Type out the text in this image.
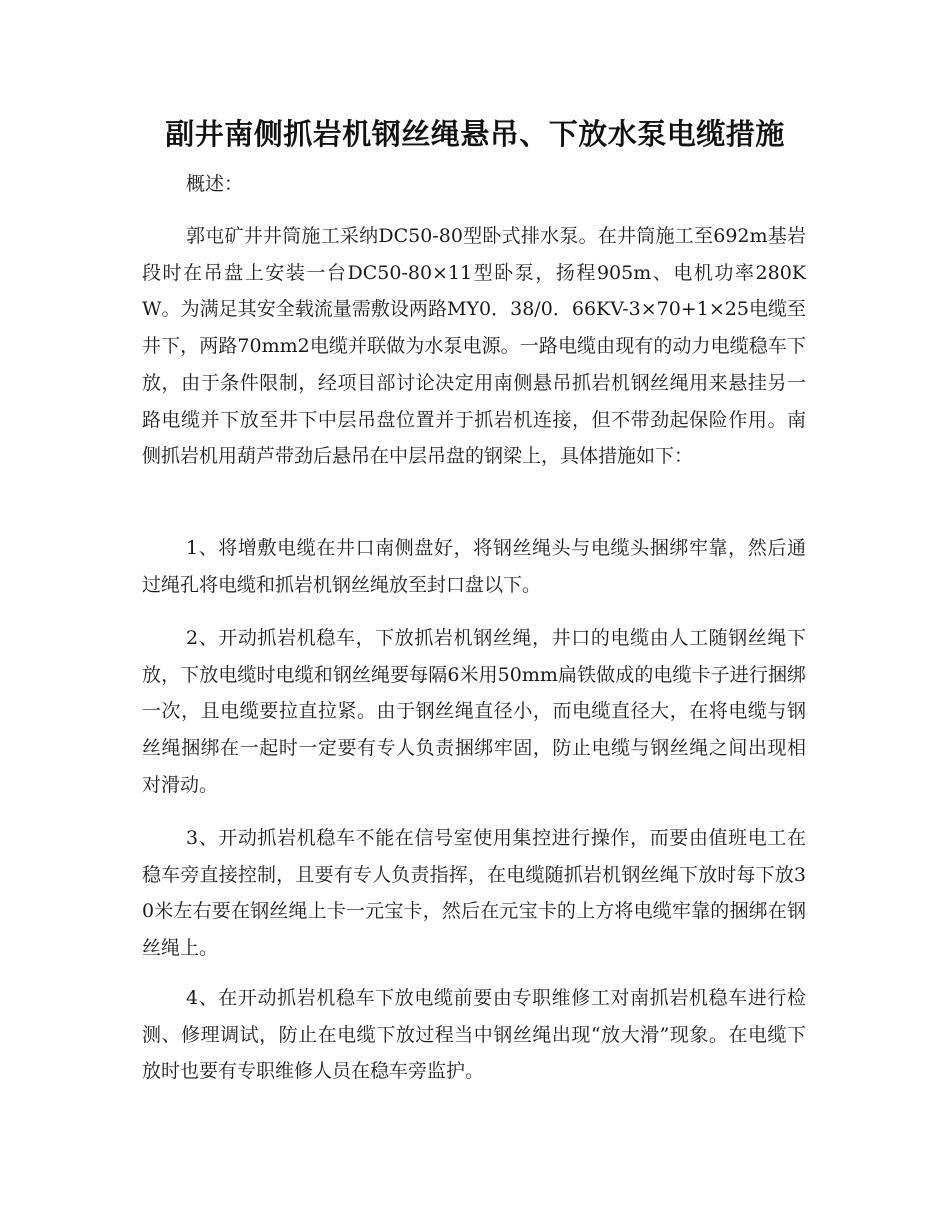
副井南侧抓岩机钢丝绳悬吊、下放水泵电缆措施
概述：

郭屯矿井井筒施工采纳DC50-80型卧式排水泵。在井筒施工至692m基岩段时在吊盘上安装一台DC50-80×11型卧泵，扬程905m、电机功率280KW。为满足其安全载流量需敷设两路MY0．38/0．66KV-3×70+1×25电缆至井下，两路70mm2电缆并联做为水泵电源。一路电缆由现有的动力电缆稳车下放，由于条件限制，经项目部讨论决定用南侧悬吊抓岩机钢丝绳用来悬挂另一路电缆并下放至井下中层吊盘位置并于抓岩机连接，但不带劲起保险作用。南侧抓岩机用葫芦带劲后悬吊在中层吊盘的钢梁上，具体措施如下：

1、将增敷电缆在井口南侧盘好，将钢丝绳头与电缆头捆绑牢靠，然后通过绳孔将电缆和抓岩机钢丝绳放至封口盘以下。

2、开动抓岩机稳车，下放抓岩机钢丝绳，井口的电缆由人工随钢丝绳下放，下放电缆时电缆和钢丝绳要每隔6米用50mm扁铁做成的电缆卡子进行捆绑一次，且电缆要拉直拉紧。由于钢丝绳直径小，而电缆直径大，在将电缆与钢丝绳捆绑在一起时一定要有专人负责捆绑牢固，防止电缆与钢丝绳之间出现相对滑动。

3、开动抓岩机稳车不能在信号室使用集控进行操作，而要由值班电工在稳车旁直接控制，且要有专人负责指挥，在电缆随抓岩机钢丝绳下放时每下放30米左右要在钢丝绳上卡一元宝卡，然后在元宝卡的上方将电缆牢靠的捆绑在钢丝绳上。

4、在开动抓岩机稳车下放电缆前要由专职维修工对南抓岩机稳车进行检测、修理调试，防止在电缆下放过程当中钢丝绳出现“放大滑”现象。在电缆下放时也要有专职维修人员在稳车旁监护。
